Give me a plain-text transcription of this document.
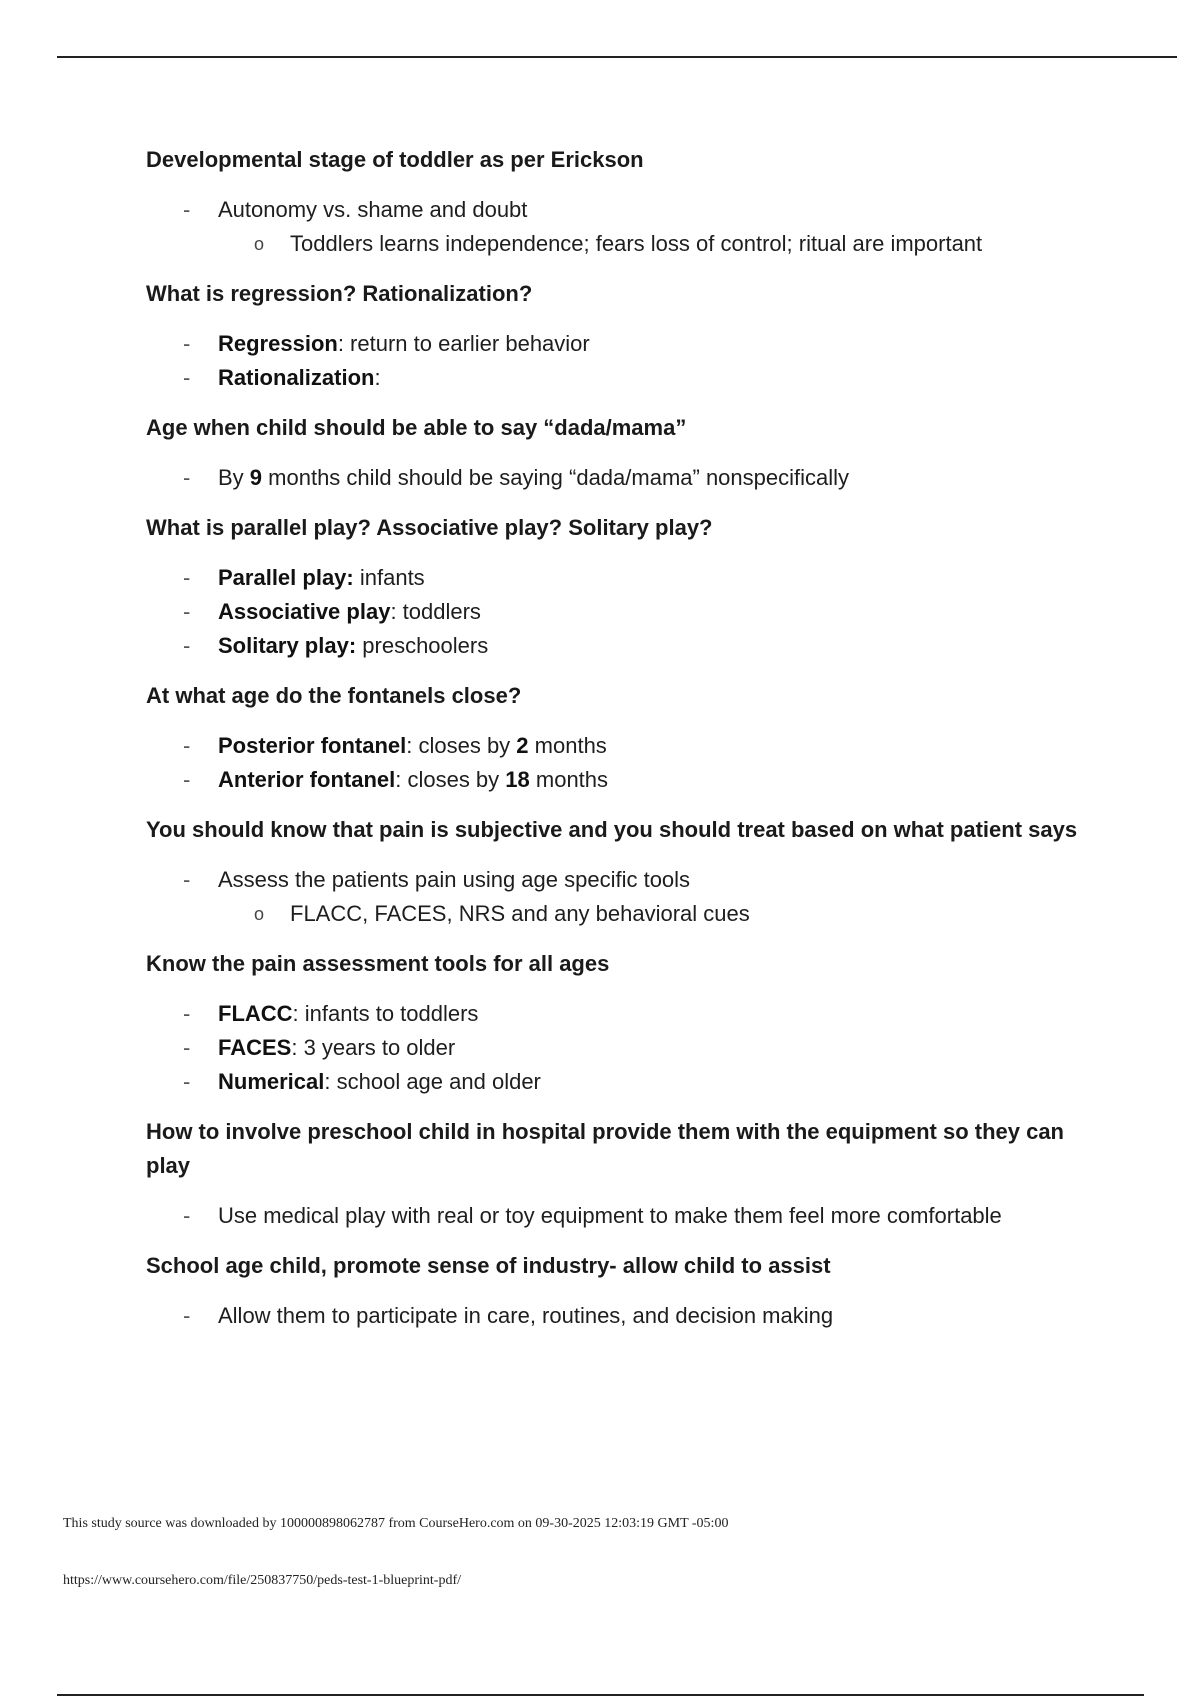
Developmental stage of toddler as per Erickson
- Autonomy vs. shame and doubt
o Toddlers learns independence; fears loss of control; ritual are important
What is regression? Rationalization?
- Regression: return to earlier behavior
- Rationalization:
Age when child should be able to say “dada/mama”
- By 9 months child should be saying “dada/mama” nonspecifically
What is parallel play? Associative play? Solitary play?
- Parallel play: infants
- Associative play: toddlers
- Solitary play: preschoolers
At what age do the fontanels close?
- Posterior fontanel: closes by 2 months
- Anterior fontanel: closes by 18 months
You should know that pain is subjective and you should treat based on what patient says
- Assess the patients pain using age specific tools
o FLACC, FACES, NRS and any behavioral cues
Know the pain assessment tools for all ages
- FLACC: infants to toddlers
- FACES: 3 years to older
- Numerical: school age and older
How to involve preschool child in hospital provide them with the equipment so they can play
- Use medical play with real or toy equipment to make them feel more comfortable
School age child, promote sense of industry- allow child to assist
- Allow them to participate in care, routines, and decision making
This study source was downloaded by 100000898062787 from CourseHero.com on 09-30-2025 12:03:19 GMT -05:00
https://www.coursehero.com/file/250837750/peds-test-1-blueprint-pdf/
